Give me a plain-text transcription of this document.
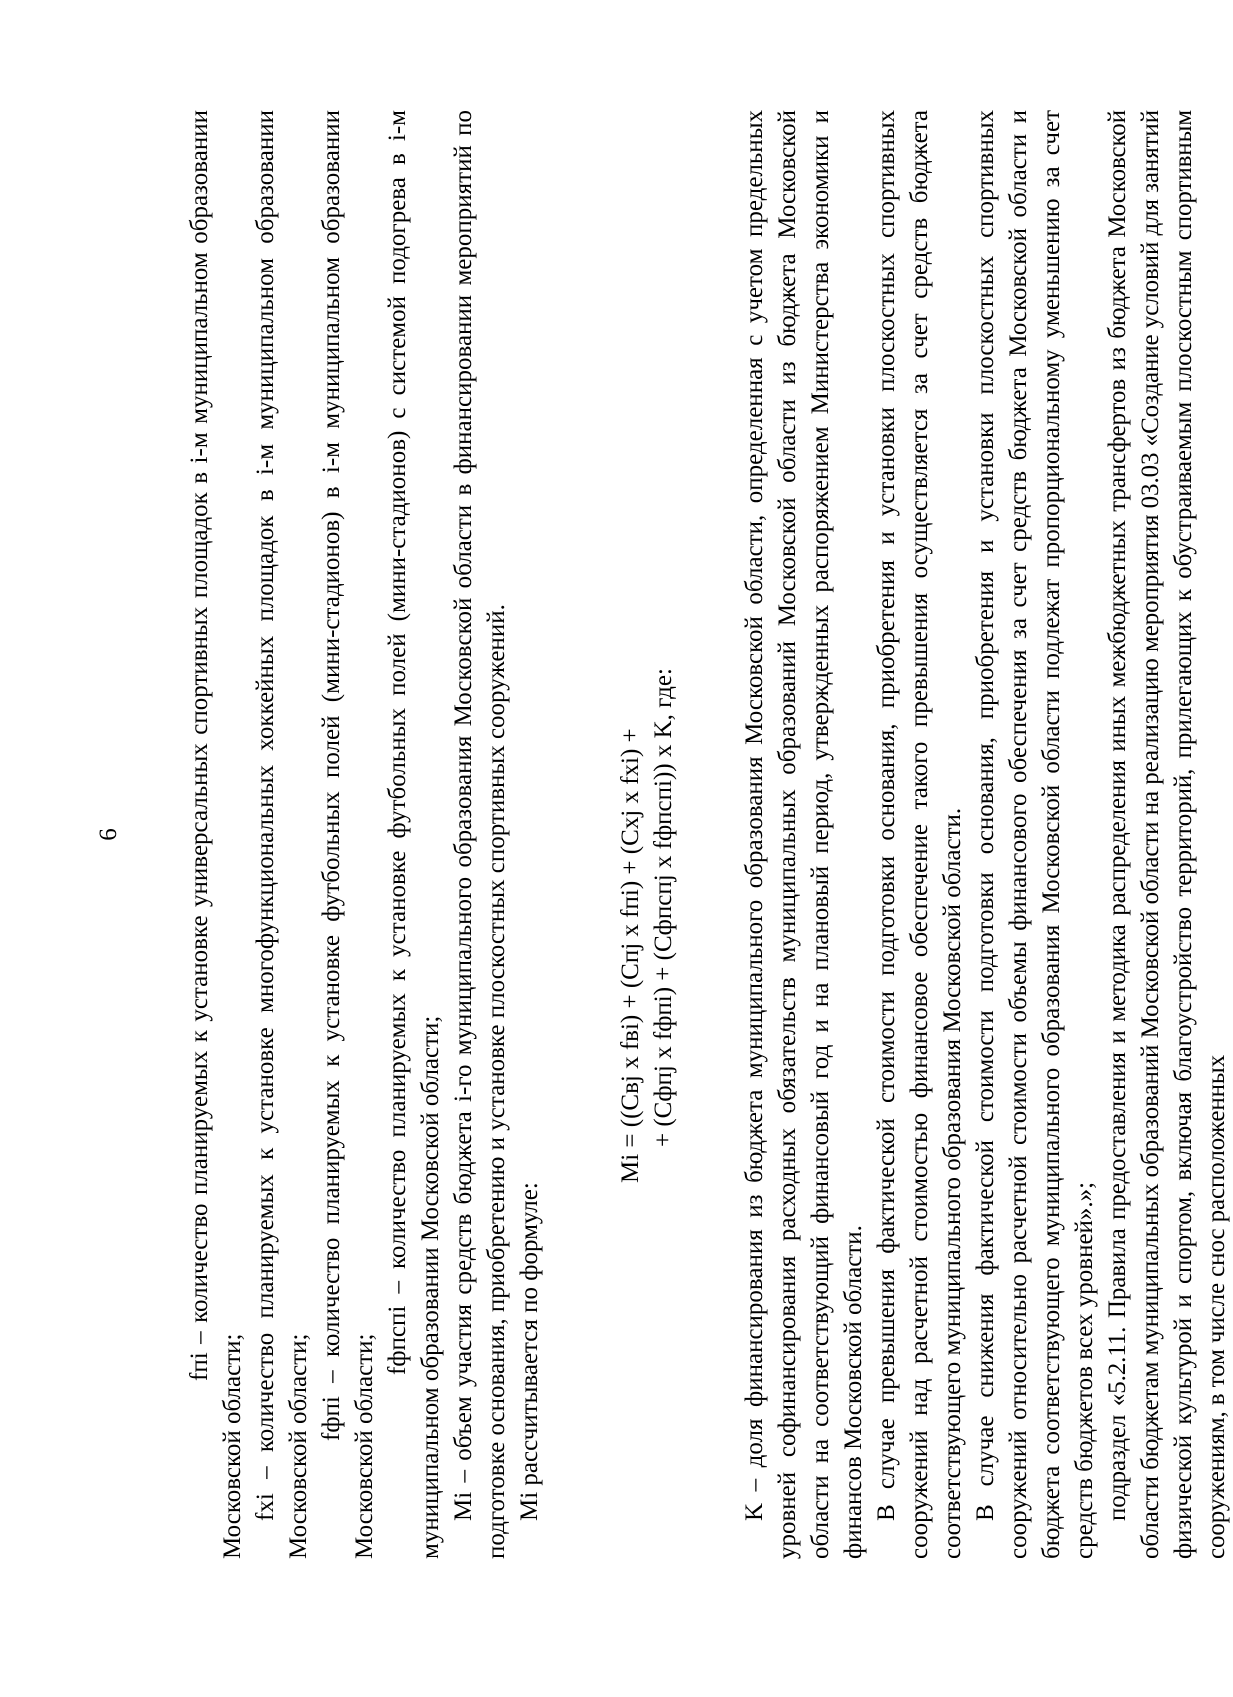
6	fпi – количество планируемых к установке универсальных спортивных площадок в i-м муниципальном образовании Московской области; fxi – количество планируемых к установке многофункциональных хоккейных площадок в i-м муниципальном образовании Московской области;

fфпi – количество планируемых к установке футбольных полей (мини-стадионов) в i-м муниципальном образовании Московской области;

fфпспi – количество планируемых к установке футбольных полей (мини-стадионов) с системой подогрева в i-м муниципальном образовании Московской области; Mi – объем участия средств бюджета i-го муниципального образования Московской области в финансировании мероприятий по подготовке основания, приобретению и установке плоскостных спортивных сооружений. Mi рассчитывается по формуле:

Mi = ((Cвj x fвi) + (Cпj x fпi) + (Cxj x fxi) + + (Cфпj x fфпi) + (Cфпспj x fфпспi)) x K, где:	K – доля финансирования из бюджета муниципального образования Московской области, определенная с учетом предельных уровней софинансирования расходных обязательств муниципальных образований Московской области из бюджета Московской области на соответствующий финансовый год и на плановый период, утвержденных распоряжением Министерства экономики и финансов Московской области. В случае превышения фактической стоимости подготовки основания, приобретения и установки плоскостных спортивных сооружений над расчетной стоимостью финансовое обеспечение такого превышения осуществляется за счет средств бюджета соответствующего муниципального образования Московской области. В случае снижения фактической стоимости подготовки основания, приобретения и установки плоскостных спортивных сооружений относительно расчетной стоимости объемы финансового обеспечения за счет средств бюджета Московской области и бюджета соответствующего муниципального образования Московской области подлежат пропорциональному уменьшению за счет средств бюджетов всех уровней».»; подраздел «5.2.11. Правила предоставления и методика распределения иных межбюджетных трансфертов из бюджета Московской области бюджетам муниципальных образований Московской области на реализацию мероприятия 03.03 «Создание условий для занятий физической культурой и спортом, включая благоустройство территорий, прилегающих к обустраиваемым плоскостным спортивным сооружениям, в том числе снос расположенных
